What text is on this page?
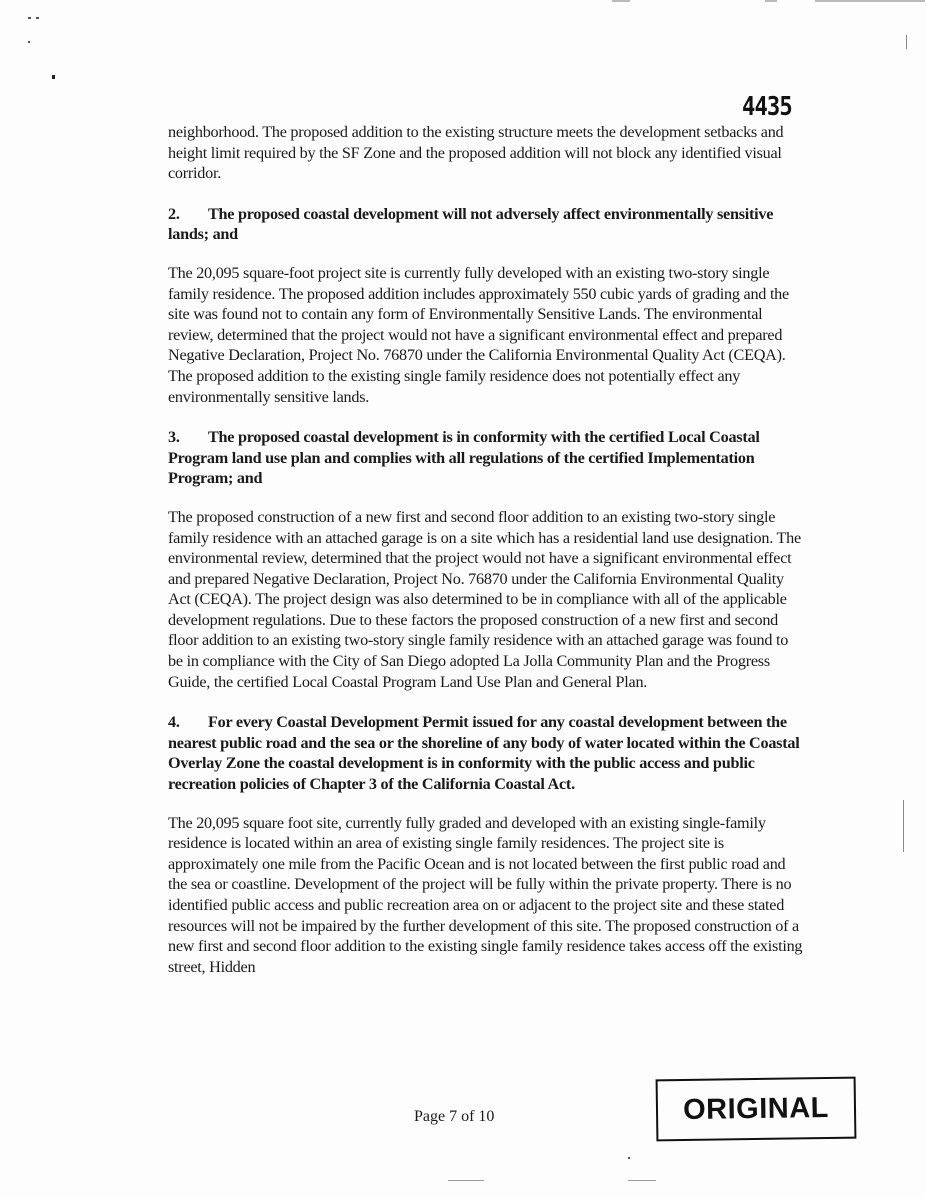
4435

neighborhood. The proposed addition to the existing structure meets the development setbacks and height limit required by the SF Zone and the proposed addition will not block any identified visual corridor.

2. The proposed coastal development will not adversely affect environmentally sensitive lands; and

The 20,095 square-foot project site is currently fully developed with an existing two-story single family residence. The proposed addition includes approximately 550 cubic yards of grading and the site was found not to contain any form of Environmentally Sensitive Lands. The environmental review, determined that the project would not have a significant environmental effect and prepared Negative Declaration, Project No. 76870 under the California Environmental Quality Act (CEQA). The proposed addition to the existing single family residence does not potentially effect any environmentally sensitive lands.

3. The proposed coastal development is in conformity with the certified Local Coastal Program land use plan and complies with all regulations of the certified Implementation Program; and

The proposed construction of a new first and second floor addition to an existing two-story single family residence with an attached garage is on a site which has a residential land use designation. The environmental review, determined that the project would not have a significant environmental effect and prepared Negative Declaration, Project No. 76870 under the California Environmental Quality Act (CEQA). The project design was also determined to be in compliance with all of the applicable development regulations. Due to these factors the proposed construction of a new first and second floor addition to an existing two-story single family residence with an attached garage was found to be in compliance with the City of San Diego adopted La Jolla Community Plan and the Progress Guide, the certified Local Coastal Program Land Use Plan and General Plan.

4. For every Coastal Development Permit issued for any coastal development between the nearest public road and the sea or the shoreline of any body of water located within the Coastal Overlay Zone the coastal development is in conformity with the public access and public recreation policies of Chapter 3 of the California Coastal Act.

The 20,095 square foot site, currently fully graded and developed with an existing single-family residence is located within an area of existing single family residences. The project site is approximately one mile from the Pacific Ocean and is not located between the first public road and the sea or coastline. Development of the project will be fully within the private property. There is no identified public access and public recreation area on or adjacent to the project site and these stated resources will not be impaired by the further development of this site. The proposed construction of a new first and second floor addition to the existing single family residence takes access off the existing street, Hidden

Page 7 of 10	ORIGINAL
